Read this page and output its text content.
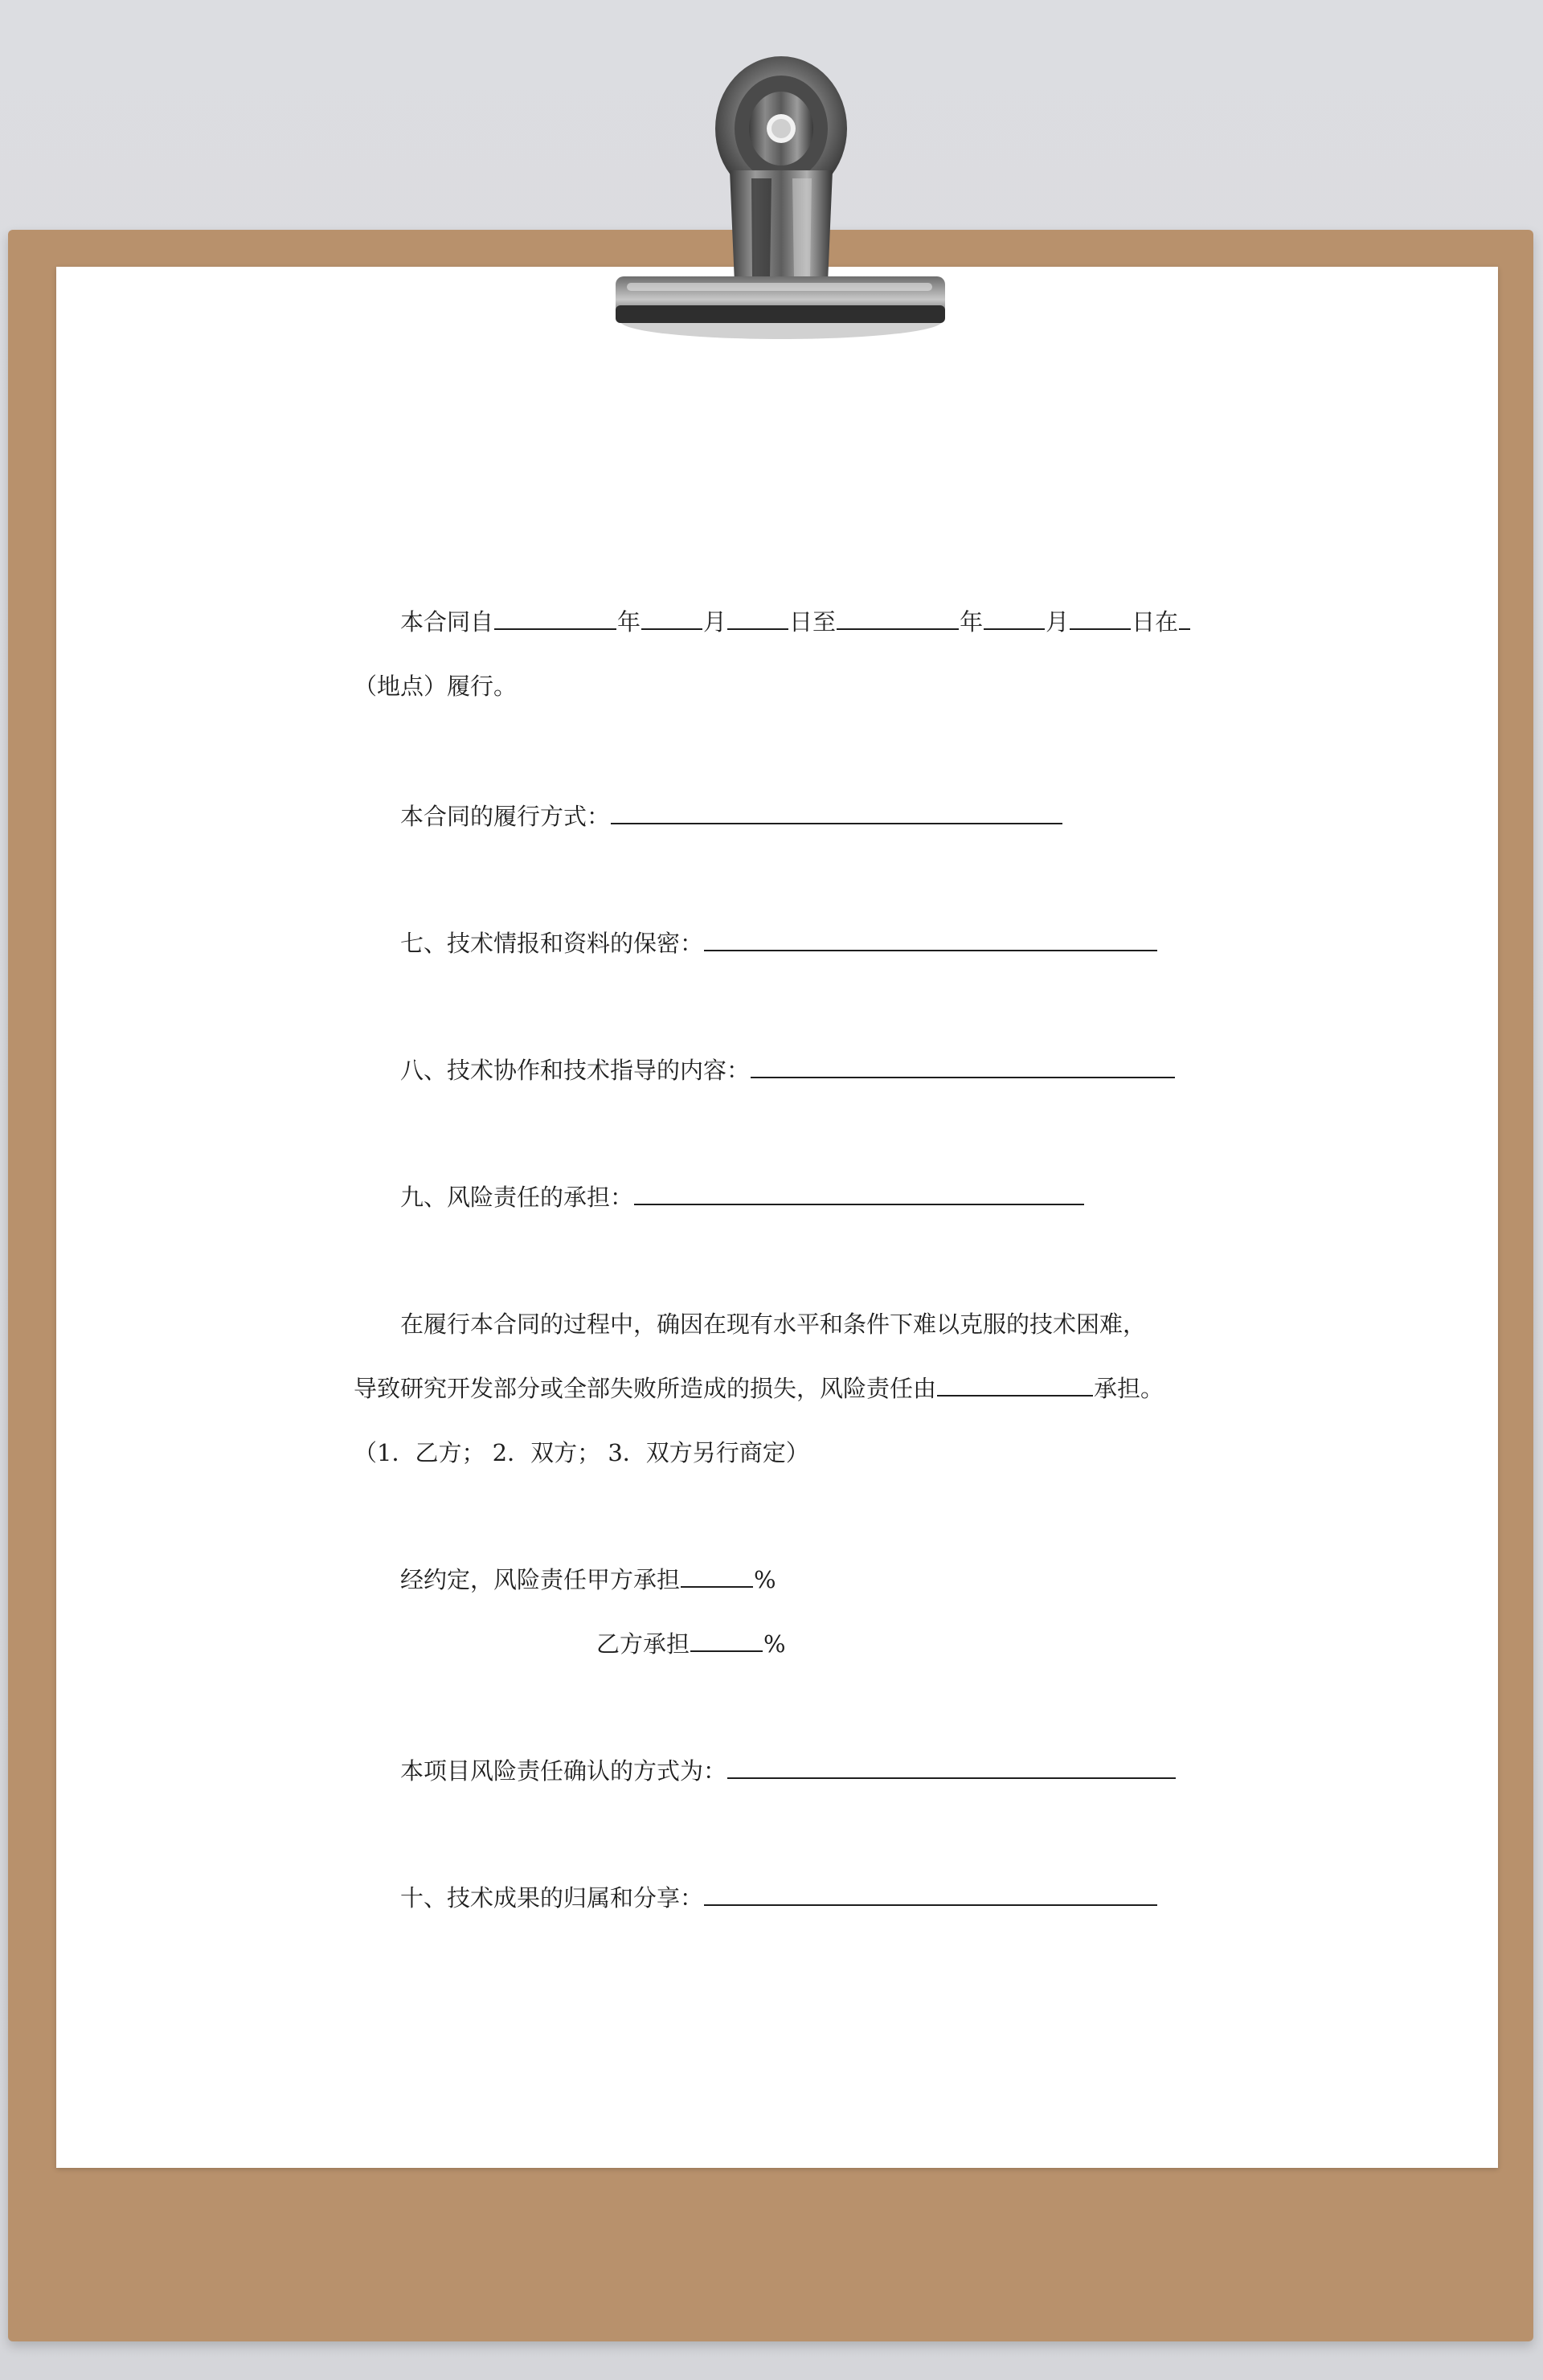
本合同自	年	月	日至	年	月	日在
（地点）履行。
本合同的履行方式：
七、技术情报和资料的保密：
八、技术协作和技术指导的内容：
九、风险责任的承担：
在履行本合同的过程中，确因在现有水平和条件下难以克服的技术困难，
导致研究开发部分或全部失败所造成的损失，风险责任由	承担。
（1．乙方； 2．双方； 3．双方另行商定）
经约定，风险责任甲方承担	%
乙方承担	%
本项目风险责任确认的方式为：
十、技术成果的归属和分享：
